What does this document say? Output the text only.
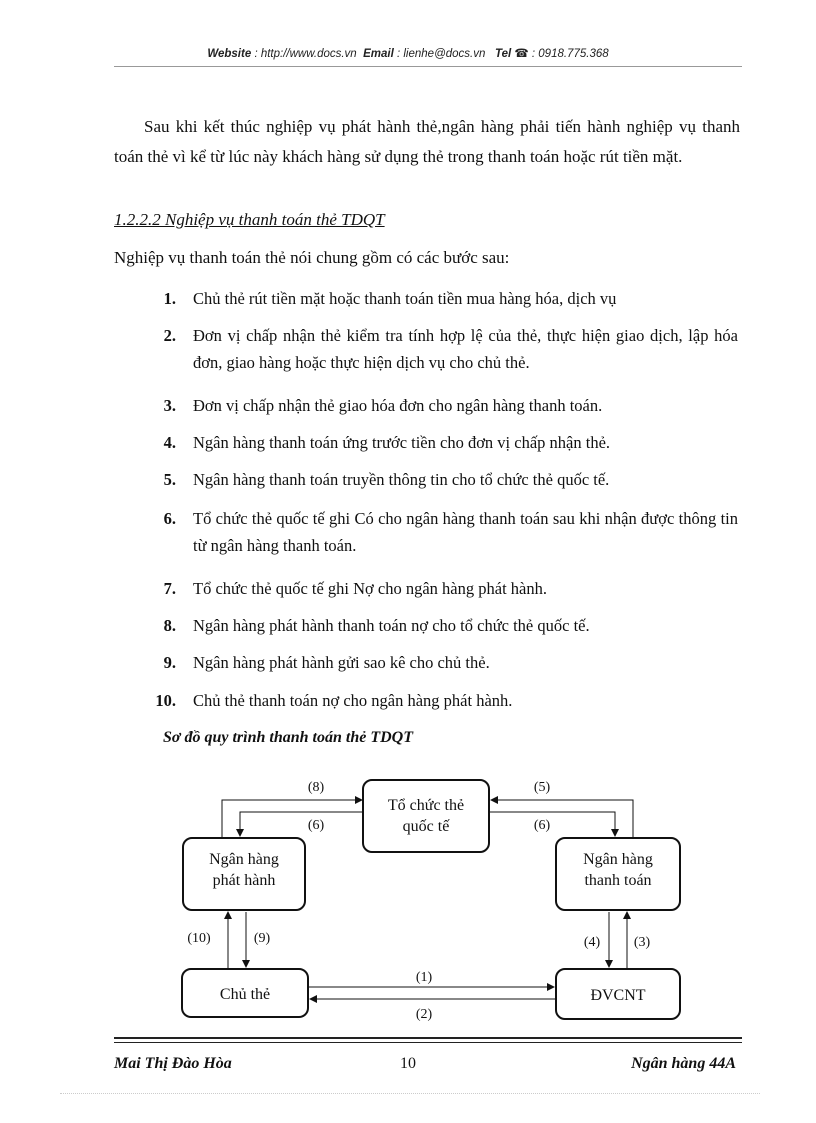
Website : http://www.docs.vn Email : lienhe@docs.vn Tel ☎ : 0918.775.368
Sau khi kết thúc nghiệp vụ phát hành thẻ,ngân hàng phải tiến hành nghiệp vụ thanh toán thẻ vì kể từ lúc này khách hàng sử dụng thẻ trong thanh toán hoặc rút tiền mặt.
1.2.2.2 Nghiệp vụ thanh toán thẻ TDQT
Nghiệp vụ thanh toán thẻ nói chung gồm có các bước sau:
1. Chủ thẻ rút tiền mặt hoặc thanh toán tiền mua hàng hóa, dịch vụ
2. Đơn vị chấp nhận thẻ kiểm tra tính hợp lệ của thẻ, thực hiện giao dịch, lập hóa đơn, giao hàng hoặc thực hiện dịch vụ cho chủ thẻ.
3. Đơn vị chấp nhận thẻ giao hóa đơn cho ngân hàng thanh toán.
4. Ngân hàng thanh toán ứng trước tiền cho đơn vị chấp nhận thẻ.
5. Ngân hàng thanh toán truyền thông tin cho tổ chức thẻ quốc tế.
6. Tổ chức thẻ quốc tế ghi Có cho ngân hàng thanh toán sau khi nhận được thông tin từ ngân hàng thanh toán.
7. Tổ chức thẻ quốc tế ghi Nợ cho ngân hàng phát hành.
8. Ngân hàng phát hành thanh toán nợ cho tổ chức thẻ quốc tế.
9. Ngân hàng phát hành gửi sao kê cho chủ thẻ.
10. Chủ thẻ thanh toán nợ cho ngân hàng phát hành.
Sơ đồ quy trình thanh toán thẻ TDQT
Tổ chức thẻ
quốc tế
Ngân hàng
phát hành
Ngân hàng
thanh toán
Chủ thẻ	ĐVCNT
(8)
(6)
(5)
(6)
(10)	(9)	(4) (3)
(1)
(2)
Mai Thị Đào Hòa	10	Ngân hàng 44A
